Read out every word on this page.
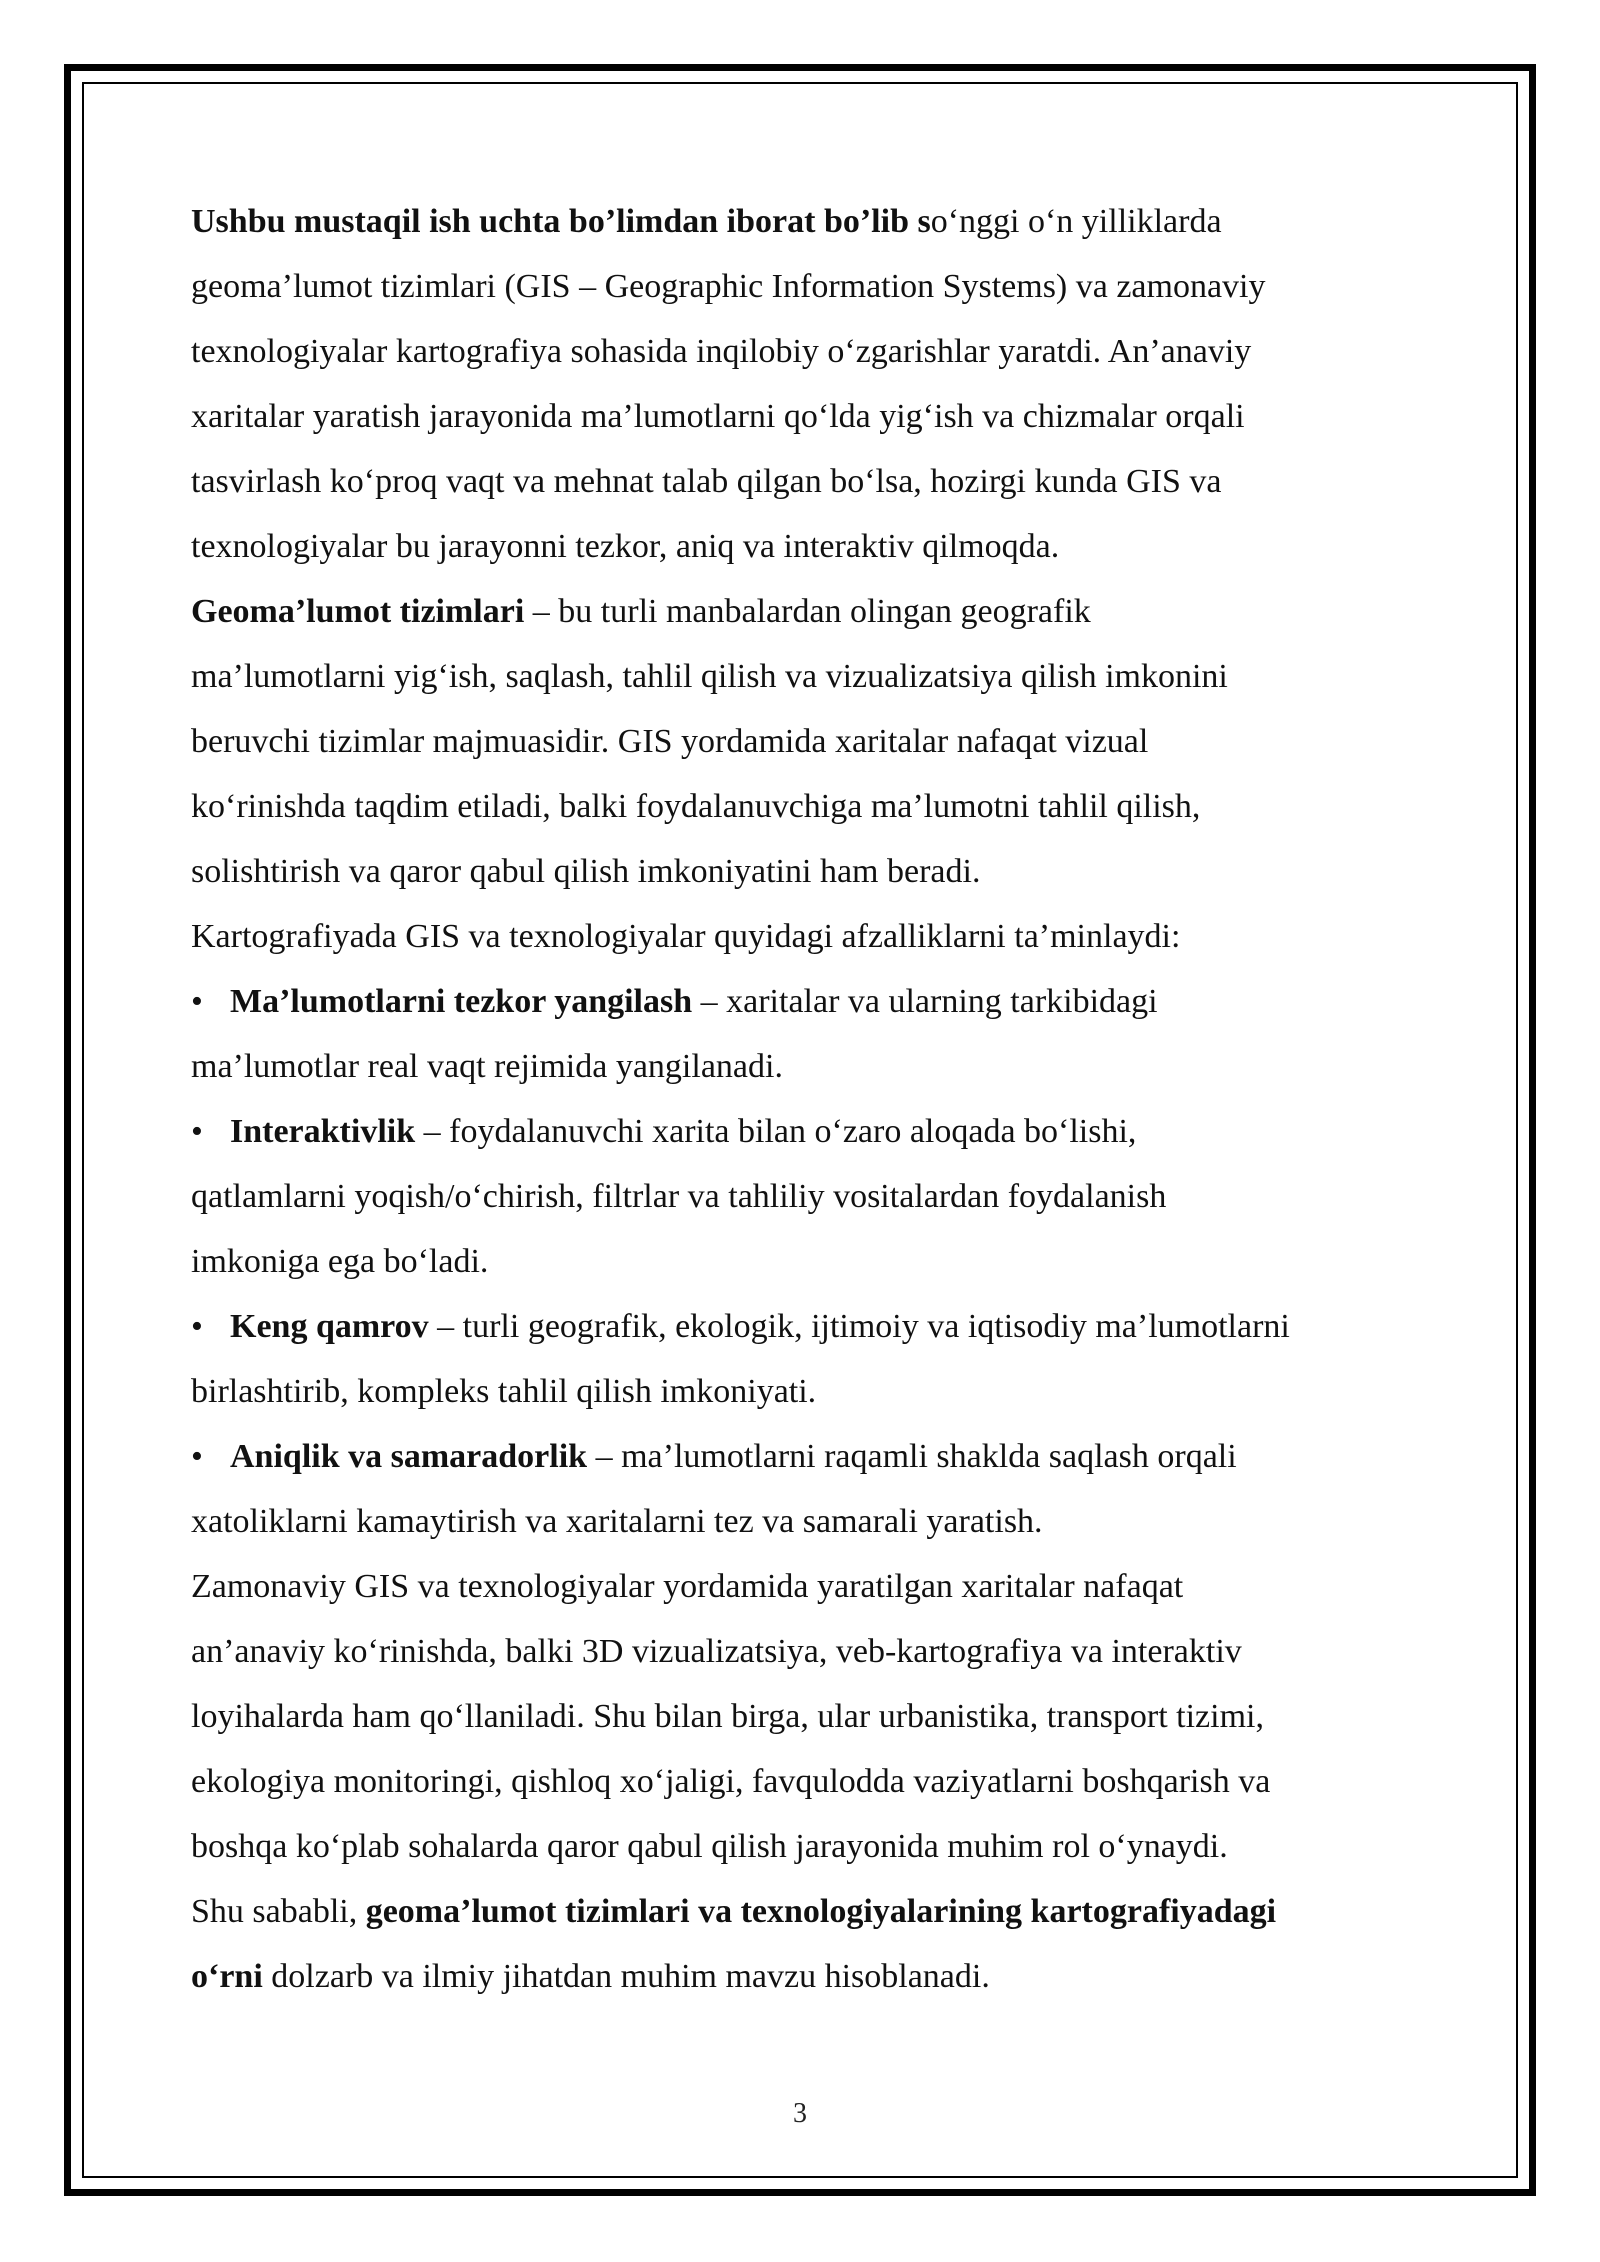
Ushbu mustaqil ish uchta bo’limdan iborat bo’lib so‘nggi o‘n yilliklarda
geoma’lumot tizimlari (GIS – Geographic Information Systems) va zamonaviy
texnologiyalar kartografiya sohasida inqilobiy o‘zgarishlar yaratdi. An’anaviy
xaritalar yaratish jarayonida ma’lumotlarni qo‘lda yig‘ish va chizmalar orqali
tasvirlash ko‘proq vaqt va mehnat talab qilgan bo‘lsa, hozirgi kunda GIS va
texnologiyalar bu jarayonni tezkor, aniq va interaktiv qilmoqda.

Geoma’lumot tizimlari – bu turli manbalardan olingan geografik
ma’lumotlarni yig‘ish, saqlash, tahlil qilish va vizualizatsiya qilish imkonini
beruvchi tizimlar majmuasidir. GIS yordamida xaritalar nafaqat vizual
ko‘rinishda taqdim etiladi, balki foydalanuvchiga ma’lumotni tahlil qilish,
solishtirish va qaror qabul qilish imkoniyatini ham beradi.

Kartografiyada GIS va texnologiyalar quyidagi afzalliklarni ta’minlaydi:

• Ma’lumotlarni tezkor yangilash – xaritalar va ularning tarkibidagi
ma’lumotlar real vaqt rejimida yangilanadi.
• Interaktivlik – foydalanuvchi xarita bilan o‘zaro aloqada bo‘lishi,
qatlamlarni yoqish/o‘chirish, filtrlar va tahliliy vositalardan foydalanish
imkoniga ega bo‘ladi.
• Keng qamrov – turli geografik, ekologik, ijtimoiy va iqtisodiy ma’lumotlarni
birlashtirib, kompleks tahlil qilish imkoniyati.
• Aniqlik va samaradorlik – ma’lumotlarni raqamli shaklda saqlash orqali
xatoliklarni kamaytirish va xaritalarni tez va samarali yaratish.

Zamonaviy GIS va texnologiyalar yordamida yaratilgan xaritalar nafaqat
an’anaviy ko‘rinishda, balki 3D vizualizatsiya, veb-kartografiya va interaktiv
loyihalarda ham qo‘llaniladi. Shu bilan birga, ular urbanistika, transport tizimi,
ekologiya monitoringi, qishloq xo‘jaligi, favqulodda vaziyatlarni boshqarish va
boshqa ko‘plab sohalarda qaror qabul qilish jarayonida muhim rol o‘ynaydi.

Shu sababli, geoma’lumot tizimlari va texnologiyalarining kartografiyadagi
o‘rni dolzarb va ilmiy jihatdan muhim mavzu hisoblanadi.

3
